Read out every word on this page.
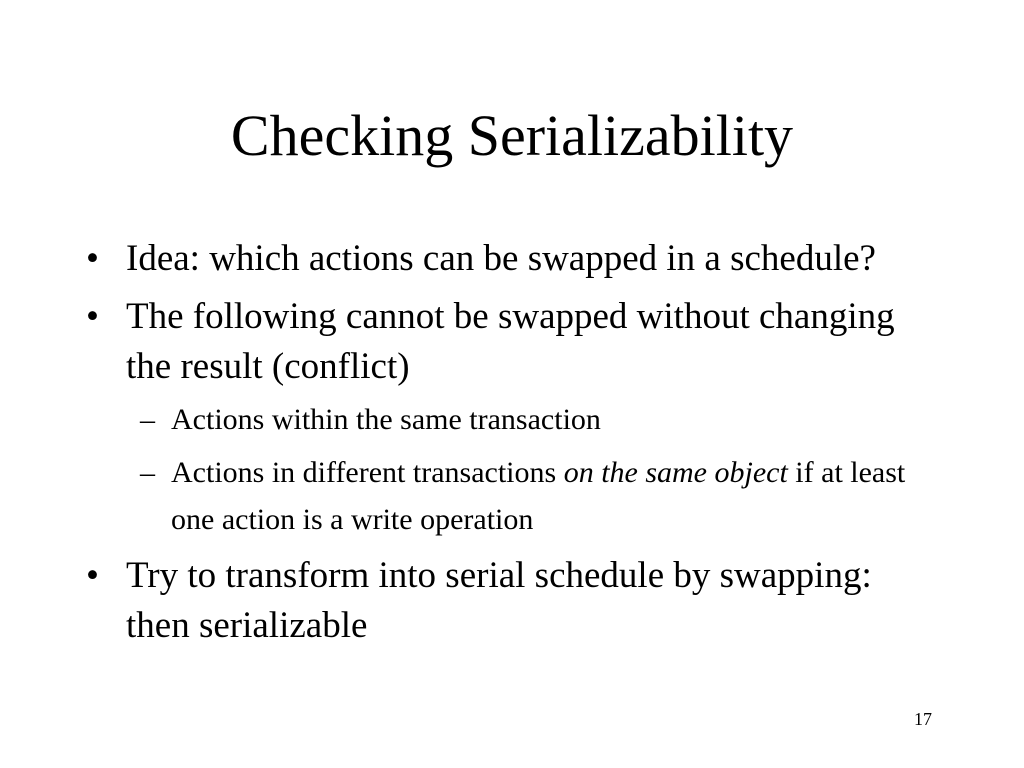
Checking Serializability
• Idea: which actions can be swapped in a schedule?
• The following cannot be swapped without changing the result (conflict)
– Actions within the same transaction
– Actions in different transactions on the same object if at least one action is a write operation
• Try to transform into serial schedule by swapping: then serializable
17
